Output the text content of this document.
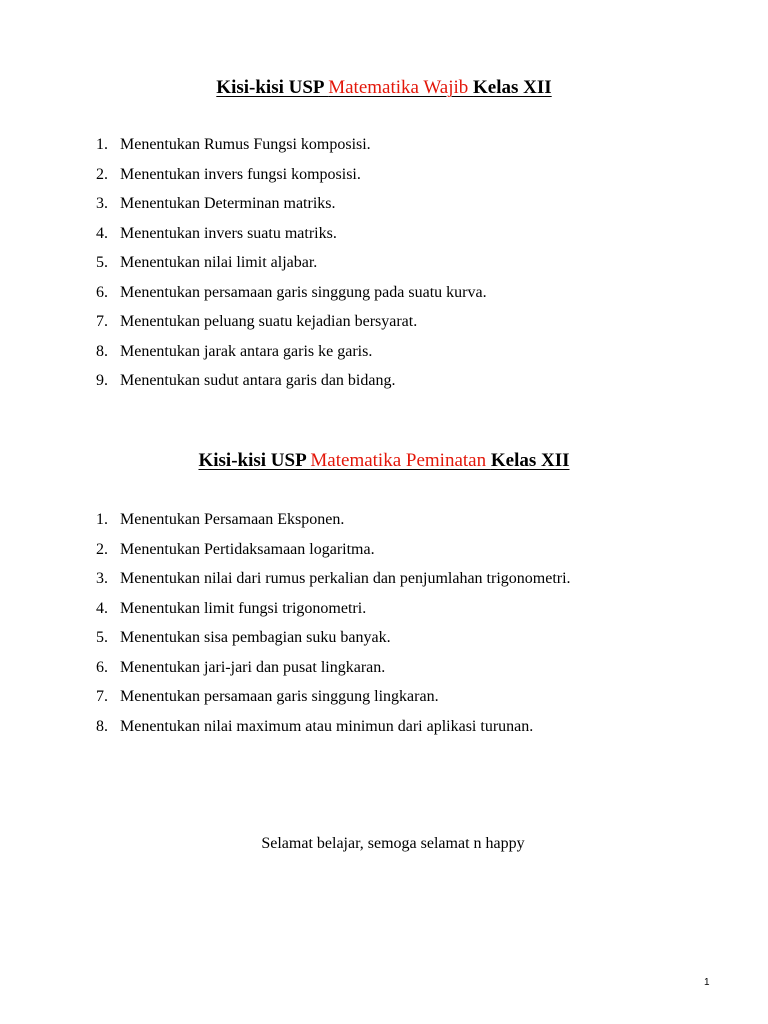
Kisi-kisi USP Matematika Wajib Kelas XII
1. Menentukan Rumus Fungsi komposisi.
2. Menentukan invers fungsi komposisi.
3. Menentukan Determinan matriks.
4. Menentukan invers suatu matriks.
5. Menentukan nilai limit aljabar.
6. Menentukan persamaan garis singgung pada suatu kurva.
7. Menentukan peluang suatu kejadian bersyarat.
8. Menentukan jarak antara garis ke garis.
9. Menentukan sudut antara garis dan bidang.
Kisi-kisi USP Matematika Peminatan Kelas XII
1. Menentukan Persamaan Eksponen.
2. Menentukan Pertidaksamaan logaritma.
3. Menentukan nilai dari rumus perkalian dan penjumlahan trigonometri.
4. Menentukan limit fungsi trigonometri.
5. Menentukan sisa pembagian suku banyak.
6. Menentukan jari-jari dan pusat lingkaran.
7. Menentukan persamaan garis singgung lingkaran.
8. Menentukan nilai maximum atau minimun dari aplikasi turunan.

Selamat belajar, semoga selamat n happy

1
